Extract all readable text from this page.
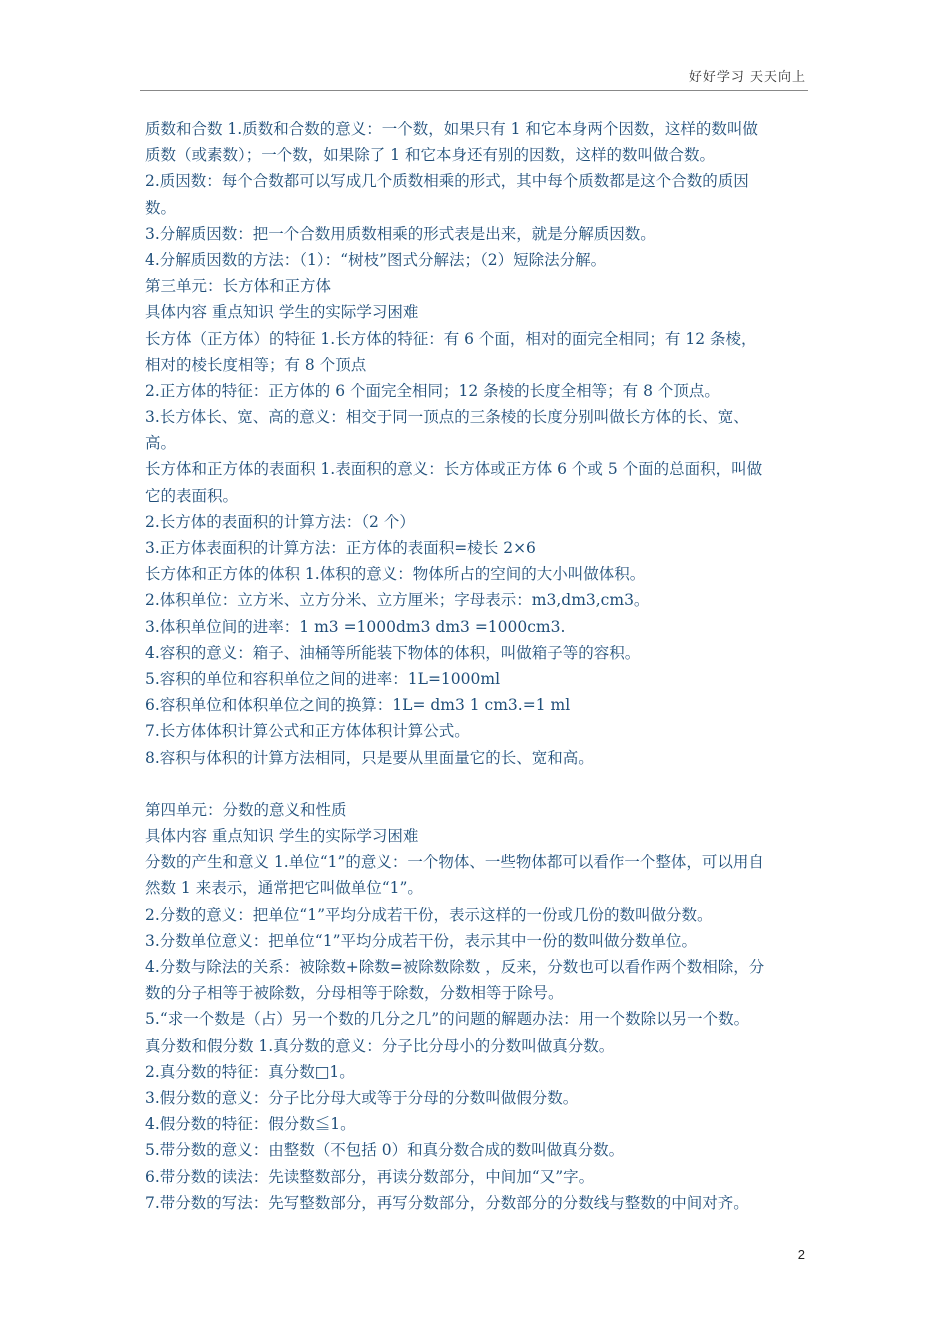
好好学习 天天向上
质数和合数 1.质数和合数的意义：一个数，如果只有 1 和它本身两个因数，这样的数叫做
质数（或素数）；一个数，如果除了 1 和它本身还有别的因数，这样的数叫做合数。
2.质因数：每个合数都可以写成几个质数相乘的形式，其中每个质数都是这个合数的质因
数。
3.分解质因数：把一个合数用质数相乘的形式表是出来，就是分解质因数。
4.分解质因数的方法：（1）：“树枝”图式分解法；（2）短除法分解。
第三单元：长方体和正方体
具体内容 重点知识 学生的实际学习困难
长方体（正方体）的特征 1.长方体的特征：有 6 个面，相对的面完全相同；有 12 条棱，
相对的棱长度相等；有 8 个顶点
2.正方体的特征：正方体的 6 个面完全相同；12 条棱的长度全相等；有 8 个顶点。
3.长方体长、宽、高的意义：相交于同一顶点的三条棱的长度分别叫做长方体的长、宽、
高。
长方体和正方体的表面积 1.表面积的意义：长方体或正方体 6 个或 5 个面的总面积，叫做
它的表面积。
2.长方体的表面积的计算方法：（2 个）
3.正方体表面积的计算方法：正方体的表面积=棱长 2×6
长方体和正方体的体积 1.体积的意义：物体所占的空间的大小叫做体积。
2.体积单位：立方米、立方分米、立方厘米；字母表示：m3,dm3,cm3。
3.体积单位间的进率：1 m3 =1000dm3 dm3 =1000cm3.
4.容积的意义：箱子、油桶等所能装下物体的体积，叫做箱子等的容积。
5.容积的单位和容积单位之间的进率：1L=1000ml
6.容积单位和体积单位之间的换算：1L= dm3 1 cm3.=1 ml
7.长方体体积计算公式和正方体体积计算公式。
8.容积与体积的计算方法相同，只是要从里面量它的长、宽和高。
第四单元：分数的意义和性质
具体内容 重点知识 学生的实际学习困难
分数的产生和意义 1.单位“1”的意义：一个物体、一些物体都可以看作一个整体，可以用自
然数 1 来表示，通常把它叫做单位“1”。
2.分数的意义：把单位“1”平均分成若干份，表示这样的一份或几份的数叫做分数。
3.分数单位意义：把单位“1”平均分成若干份，表示其中一份的数叫做分数单位。
4.分数与除法的关系：被除数+除数=被除数除数 ，反来，分数也可以看作两个数相除，分
数的分子相等于被除数，分母相等于除数，分数相等于除号。
5.“求一个数是（占）另一个数的几分之几”的问题的解题办法：用一个数除以另一个数。
真分数和假分数 1.真分数的意义：分子比分母小的分数叫做真分数。
2.真分数的特征：真分数□1。
3.假分数的意义：分子比分母大或等于分母的分数叫做假分数。
4.假分数的特征：假分数≦1。
5.带分数的意义：由整数（不包括 0）和真分数合成的数叫做真分数。
6.带分数的读法：先读整数部分，再读分数部分，中间加“又”字。
7.带分数的写法：先写整数部分，再写分数部分，分数部分的分数线与整数的中间对齐。
2
